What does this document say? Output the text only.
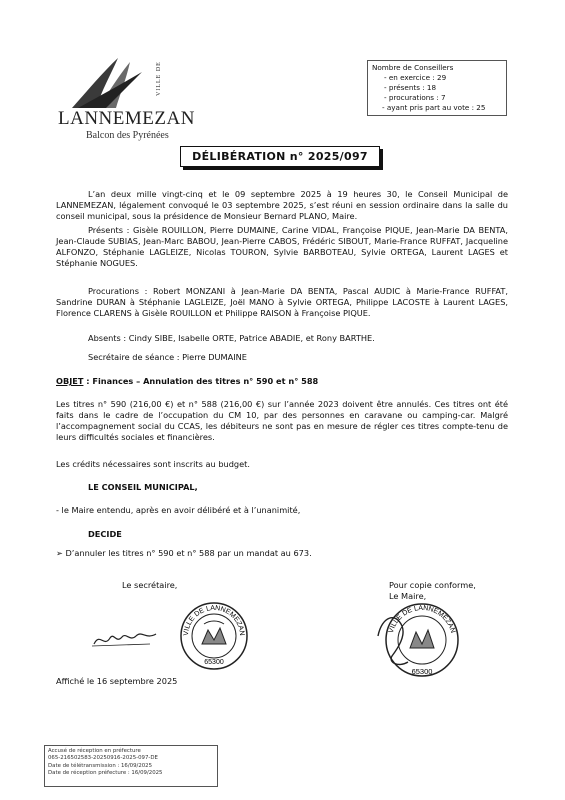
VILLE DE
LANNEMEZAN
Balcon des Pyrénées
Nombre de Conseillers
- en exercice : 29
- présents : 18
- procurations : 7
- ayant pris part au vote : 25
DÉLIBÉRATION n° 2025/097
L’an deux mille vingt-cinq et le 09 septembre 2025 à 19 heures 30, le Conseil Municipal de LANNEMEZAN, légalement convoqué le 03 septembre 2025, s’est réuni en session ordinaire dans la salle du conseil municipal, sous la présidence de Monsieur Bernard PLANO, Maire.
Présents : Gisèle ROUILLON, Pierre DUMAINE, Carine VIDAL, Françoise PIQUE, Jean-Marie DA BENTA, Jean-Claude SUBIAS, Jean-Marc BABOU, Jean-Pierre CABOS, Frédéric SIBOUT, Marie-France RUFFAT, Jacqueline ALFONZO, Stéphanie LAGLEIZE, Nicolas TOURON, Sylvie BARBOTEAU, Sylvie ORTEGA, Laurent LAGES et Stéphanie NOGUES.
Procurations : Robert MONZANI à Jean-Marie DA BENTA, Pascal AUDIC à Marie-France RUFFAT, Sandrine DURAN à Stéphanie LAGLEIZE, Joël MANO à Sylvie ORTEGA, Philippe LACOSTE à Laurent LAGES, Florence CLARENS à Gisèle ROUILLON et Philippe RAISON à Françoise PIQUE.
Absents : Cindy SIBE, Isabelle ORTE, Patrice ABADIE, et Rony BARTHE.
Secrétaire de séance : Pierre DUMAINE
OBJET : Finances – Annulation des titres n° 590 et n° 588
Les titres n° 590 (216,00 €) et n° 588 (216,00 €) sur l’année 2023 doivent être annulés. Ces titres ont été faits dans le cadre de l’occupation du CM 10, par des personnes en caravane ou camping-car. Malgré l’accompagnement social du CCAS, les débiteurs ne sont pas en mesure de régler ces titres compte-tenu de leurs difficultés sociales et financières.
Les crédits nécessaires sont inscrits au budget.
LE CONSEIL MUNICIPAL,
- le Maire entendu, après en avoir délibéré et à l’unanimité,
DECIDE
➢ D’annuler les titres n° 590 et n° 588 par un mandat au 673.
Le secrétaire,	Pour copie conforme,
Le Maire,
VILLE DE LANNEMEZAN
65300
VILLE DE LANNEMEZAN
65300
Affiché le 16 septembre 2025
Accusé de réception en préfecture
065-216502583-20250916-2025-097-DE
Date de télétransmission : 16/09/2025
Date de réception préfecture : 16/09/2025
